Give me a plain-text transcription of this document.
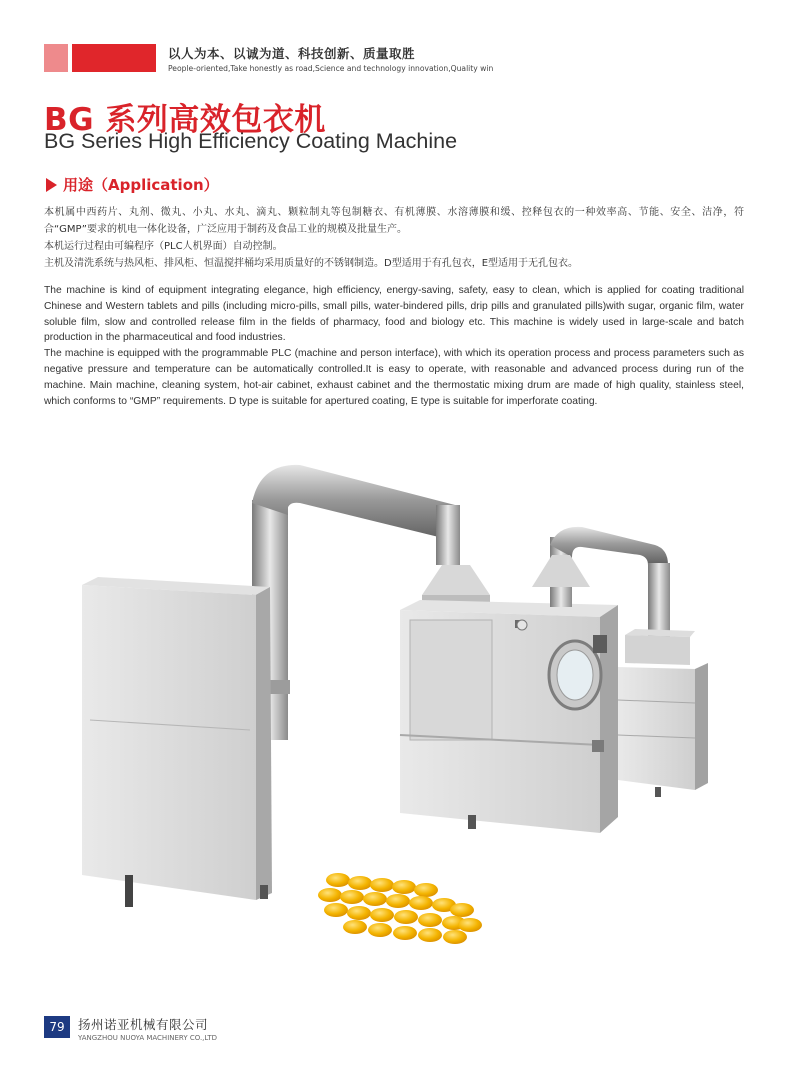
以人为本、以诚为道、科技创新、质量取胜
People-oriented,Take honestly as road,Science and technology innovation,Quality win
BG 系列高效包衣机
BG Series High Efficiency Coating Machine
用途（Application）

本机属中西药片、丸剂、微丸、小丸、水丸、滴丸、颗粒制丸等包制糖衣、有机薄膜、水溶薄膜和缓、控释包衣的一种效率高、节能、安全、洁净，符合“GMP”要求的机电一体化设备，广泛应用于制药及食品工业的规模及批量生产。

本机运行过程由可编程序（PLC人机界面）自动控制。

主机及清洗系统与热风柜、排风柜、恒温搅拌桶均采用质量好的不锈钢制造。D型适用于有孔包衣，E型适用于无孔包衣。

The machine is kind of equipment integrating elegance, high efficiency, energy-saving, safety, easy to clean, which is applied for coating traditional Chinese and Western tablets and pills (including micro-pills, small pills, water-bindered pills, drip pills and granulated pills)with sugar, organic film, water soluble film, slow and controlled release film in the fields of pharmacy, food and biology etc. This machine is widely used in large-scale and batch production in the pharmaceutical and food industries.

The machine is equipped with the programmable PLC (machine and person interface), with which its operation process and process parameters such as negative pressure and temperature can be automatically controlled.It is easy to operate, with reasonable and advanced process during run of the machine. Main machine, cleaning system, hot-air cabinet, exhaust cabinet and the thermostatic mixing drum are made of high quality, stainless steel, which conforms to “GMP” requirements. D type is suitable for apertured coating, E type is suitable for imperforate coating.

79	扬州诺亚机械有限公司
YANGZHOU NUOYA MACHINERY CO.,LTD
